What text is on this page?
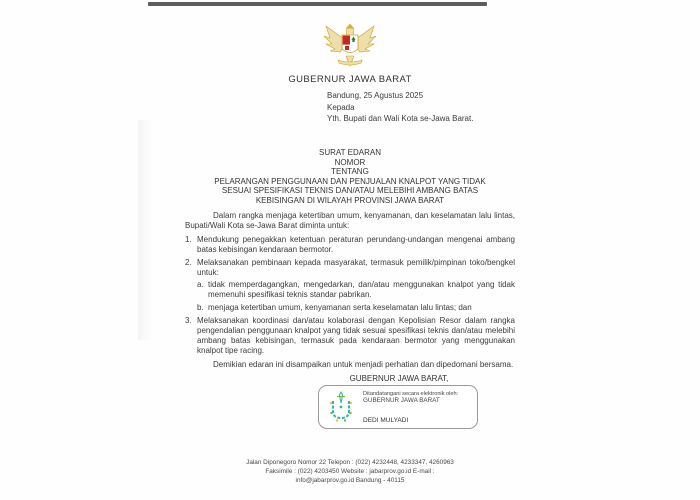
GUBERNUR JAWA BARAT
Bandung, 25 Agustus 2025
Kepada
Yth. Bupati dan Wali Kota se-Jawa Barat.
SURAT EDARAN
NOMOR
TENTANG
PELARANGAN PENGGUNAAN DAN PENJUALAN KNALPOT YANG TIDAK
SESUAI SPESIFIKASI TEKNIS DAN/ATAU MELEBIHI AMBANG BATAS
KEBISINGAN DI WILAYAH PROVINSI JAWA BARAT

Dalam rangka menjaga ketertiban umum, kenyamanan, dan keselamatan lalu lintas, Bupati/Wali Kota se-Jawa Barat diminta untuk:

1. Mendukung penegakkan ketentuan peraturan perundang-undangan mengenai ambang batas kebisingan kendaraan bermotor.
2. Melaksanakan pembinaan kepada masyarakat, termasuk pemilik/pimpinan toko/bengkel untuk:
a. tidak memperdagangkan, mengedarkan, dan/atau menggunakan knalpot yang tidak memenuhi spesifikasi teknis standar pabrikan.
b. menjaga ketertiban umum, kenyamanan serta keselamatan lalu lintas; dan
3. Melaksanakan koordinasi dan/atau kolaborasi dengan Kepolisian Resor dalam rangka pengendalian penggunaan knalpot yang tidak sesuai spesifikasi teknis dan/atau melebihi ambang batas kebisingan, termasuk pada kendaraan bermotor yang menggunakan knalpot tipe racing.

Demikian edaran ini disampaikan untuk menjadi perhatian dan dipedomani bersama.

GUBERNUR JAWA BARAT,
Ditandatangani secara elektronik oleh:
GUBERNUR JAWA BARAT
DEDI MULYADI
Jalan Diponegoro Nomor 22 Telepon : (022) 4232448, 4233347, 4260963
Faksimile : (022) 4203450 Website : jabarprov.go.id E-mail :
info@jabarprov.go.id Bandung - 40115
